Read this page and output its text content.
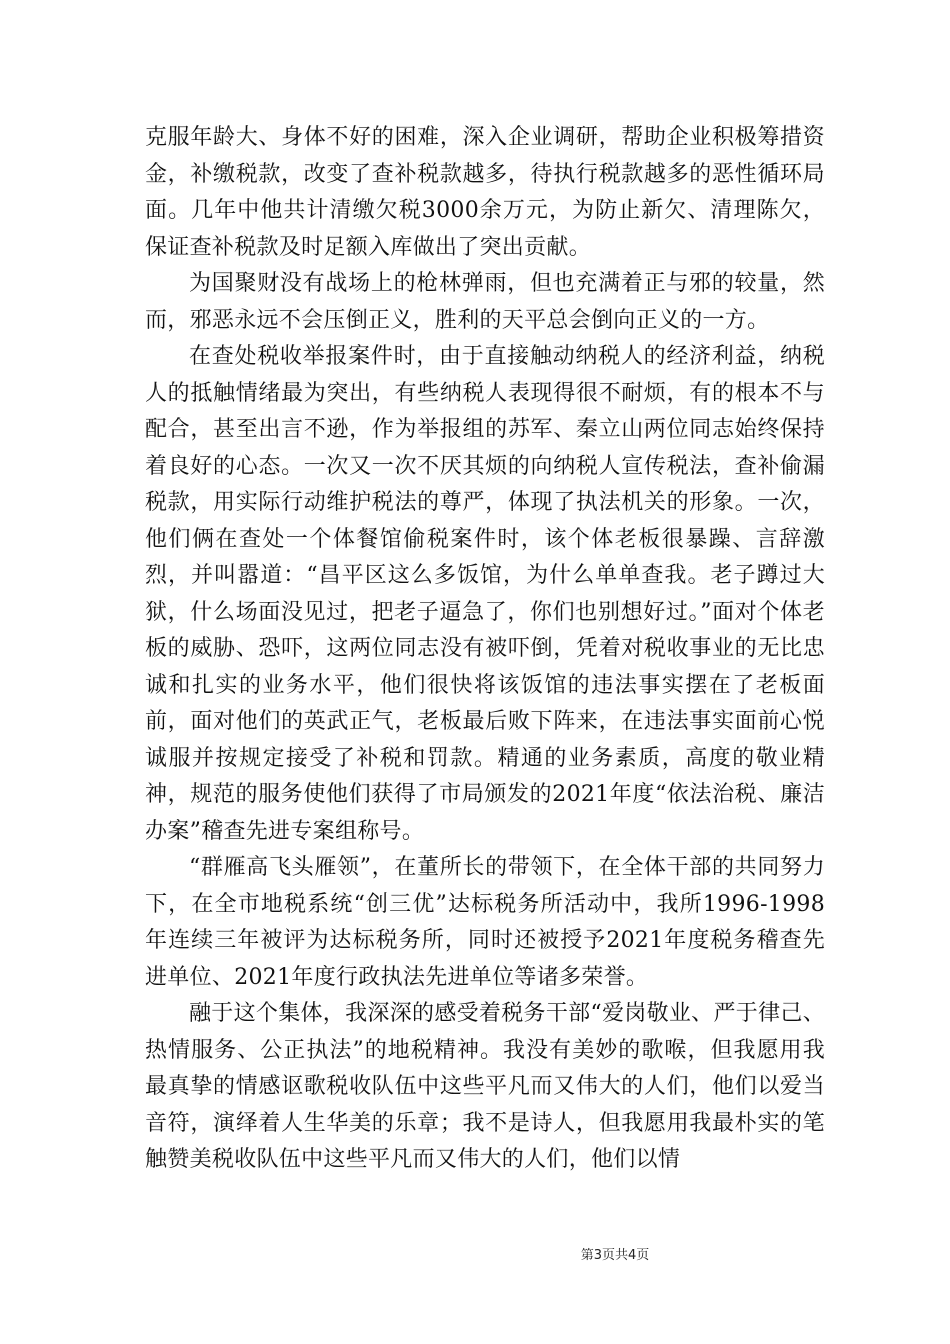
克服年龄大、身体不好的困难，深入企业调研，帮助企业积极筹措资金，补缴税款，改变了查补税款越多，待执行税款越多的恶性循环局面。几年中他共计清缴欠税3000余万元，为防止新欠、清理陈欠，保证查补税款及时足额入库做出了突出贡献。

为国聚财没有战场上的枪林弹雨，但也充满着正与邪的较量，然而，邪恶永远不会压倒正义，胜利的天平总会倒向正义的一方。

在查处税收举报案件时，由于直接触动纳税人的经济利益，纳税人的抵触情绪最为突出，有些纳税人表现得很不耐烦，有的根本不与配合，甚至出言不逊，作为举报组的苏军、秦立山两位同志始终保持着良好的心态。一次又一次不厌其烦的向纳税人宣传税法，查补偷漏税款，用实际行动维护税法的尊严，体现了执法机关的形象。一次，他们俩在查处一个体餐馆偷税案件时，该个体老板很暴躁、言辞激烈，并叫嚣道：“昌平区这么多饭馆，为什么单单查我。老子蹲过大狱，什么场面没见过，把老子逼急了，你们也别想好过。”面对个体老板的威胁、恐吓，这两位同志没有被吓倒，凭着对税收事业的无比忠诚和扎实的业务水平，他们很快将该饭馆的违法事实摆在了老板面前，面对他们的英武正气，老板最后败下阵来，在违法事实面前心悦诚服并按规定接受了补税和罚款。精通的业务素质，高度的敬业精神，规范的服务使他们获得了市局颁发的2021年度“依法治税、廉洁办案”稽查先进专案组称号。

“群雁高飞头雁领”，在董所长的带领下，在全体干部的共同努力下，在全市地税系统“创三优”达标税务所活动中，我所1996-1998年连续三年被评为达标税务所，同时还被授予2021年度税务稽查先进单位、2021年度行政执法先进单位等诸多荣誉。

融于这个集体，我深深的感受着税务干部“爱岗敬业、严于律己、热情服务、公正执法”的地税精神。我没有美妙的歌喉，但我愿用我最真挚的情感讴歌税收队伍中这些平凡而又伟大的人们，他们以爱当音符，演绎着人生华美的乐章；我不是诗人，但我愿用我最朴实的笔触赞美税收队伍中这些平凡而又伟大的人们，他们以情

第3页共4页
